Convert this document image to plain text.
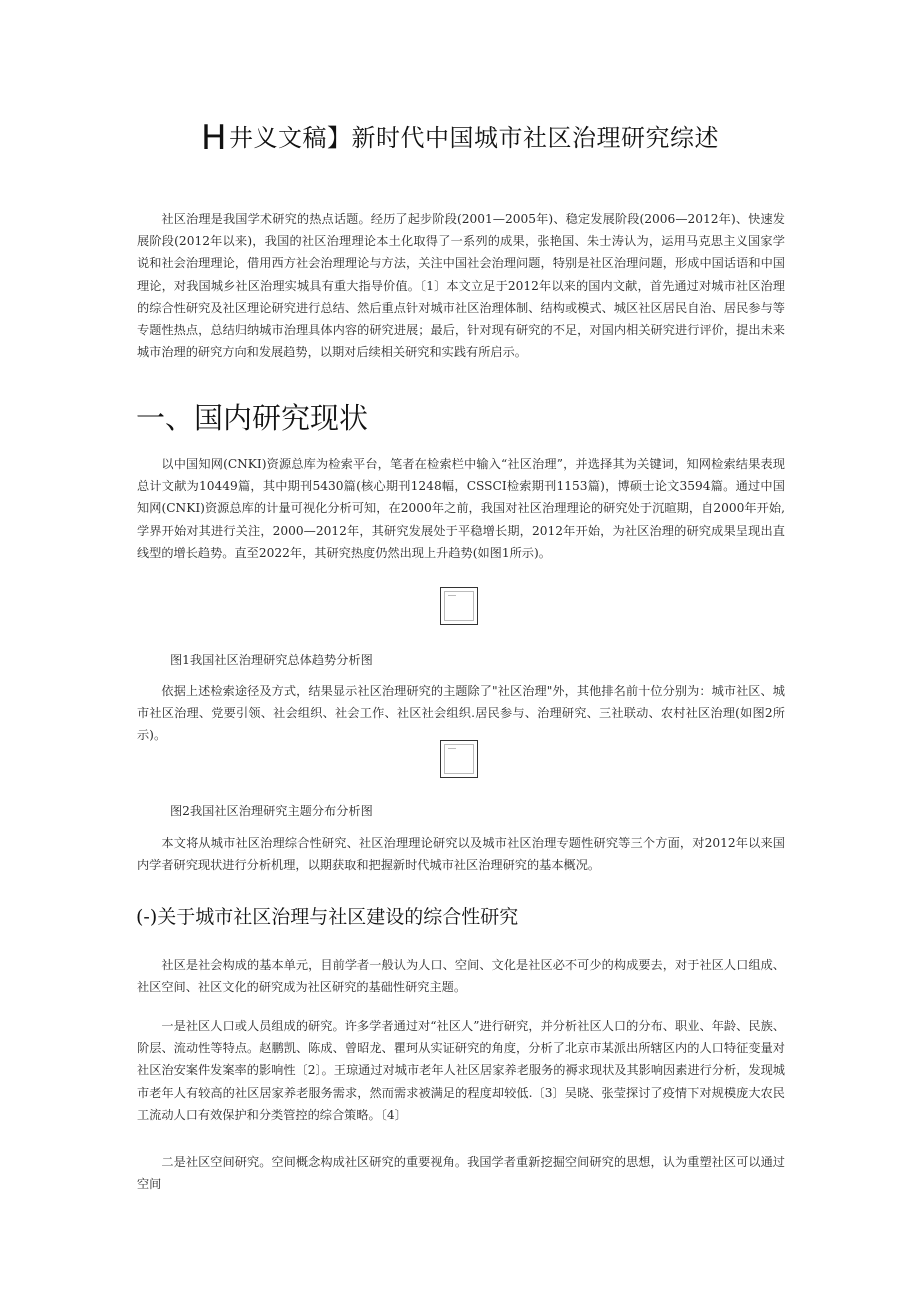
H井义文稿】新时代中国城市社区治理研究综述

社区治理是我国学术研究的热点话题。经历了起步阶段(2001—2005年)、稳定发展阶段(2006—2012年)、快速发展阶段(2012年以来)，我国的社区治理理论本土化取得了一系列的成果，张艳国、朱士涛认为，运用马克思主义国家学说和社会治理理论，借用西方社会治理理论与方法，关注中国社会治理问题，特别是社区治理问题，形成中国话语和中国理论，对我国城乡社区治理实城具有重大指导价值。〔1〕本文立足于2012年以来的国内文献，首先通过对城市社区治理的综合性研究及社区理论研究进行总结、然后重点针对城市社区治理体制、结构或模式、城区社区居民自治、居民参与等专题性热点，总结归纳城市治理具体内容的研究进展；最后，针对现有研究的不足，对国内相关研究进行评价，提出未来城市治理的研究方向和发展趋势，以期对后续相关研究和实践有所启示。

一、国内研究现状

以中国知网(CNKI)资源总库为检索平台，笔者在检索栏中输入“社区治理”，并选择其为关键词，知网检索结果表现总计文献为10449篇，其中期刊5430篇(核心期刊1248幅，CSSCI检索期刊1153篇)，博硕士论文3594篇。通过中国知网(CNKI)资源总库的计量可视化分析可知，在2000年之前，我国对社区治理理论的研究处于沉暄期，自2000年开始,学界开始对其进行关注，2000—2012年，其研究发展处于平稳增长期，2012年开始，为社区治理的研究成果呈现出直线型的增长趋势。直至2022年，其研究热度仍然出现上升趋势(如图1所示)。

图1我国社区治理研究总体趋势分析图

依据上述检索途径及方式，结果显示社区治理研究的主题除了"社区治理"外，其他排名前十位分别为：城市社区、城市社区治理、党要引领、社会组织、社会工作、社区社会组织.居民参与、治理研究、三社联动、农村社区治理(如图2所示)。

图2我国社区治理研究主题分布分析图

本文将从城市社区治理综合性研究、社区治理理论研究以及城市社区治理专题性研究等三个方面，对2012年以来国内学者研究现状进行分析机理，以期获取和把握新时代城市社区治理研究的基本概况。

(-)关于城市社区治理与社区建设的综合性研究

社区是社会构成的基本单元，目前学者一般认为人口、空间、文化是社区必不可少的构成要去，对于社区人口组成、社区空间、社区文化的研究成为社区研究的基础性研究主题。

一是社区人口或人员组成的研究。许多学者通过对“社区人”进行研究，并分析社区人口的分布、职业、年龄、民族、阶层、流动性等特点。赵鹏凯、陈成、曾昭龙、瞿珂从实证研究的角度，分析了北京市某派出所辖区内的人口特征变量对社区治安案件发案率的影响性〔2〕。王琼通过对城市老年人社区居家养老服务的褥求现状及其影响因素进行分析，发现城市老年人有较高的社区居家养老服务需求，然而需求被满足的程度却较低.〔3〕吴晓、张莹探讨了疫情下对规模庞大农民工流动人口有效保护和分类管控的综合策略。〔4〕

二是社区空间研究。空间概念构成社区研究的重要视角。我国学者重新挖掘空间研究的思想，认为重塑社区可以通过空间
